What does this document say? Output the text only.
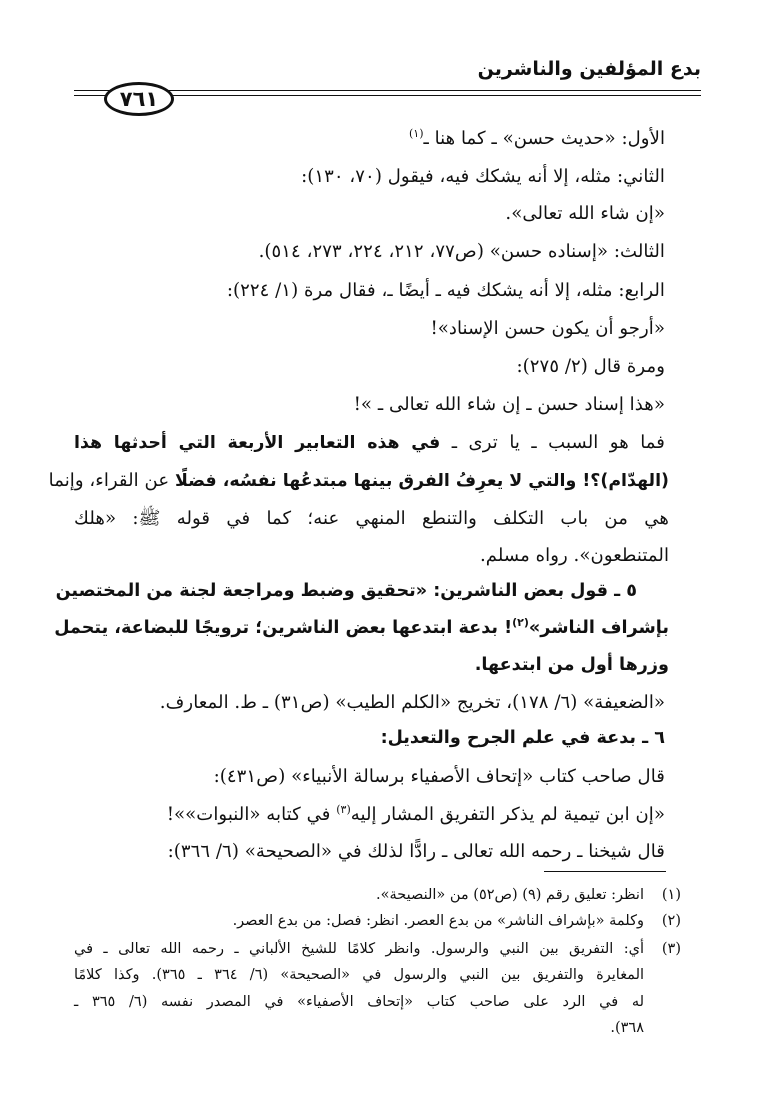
بدع المؤلفين والناشرين
٧٦١
الأول: «حديث حسن» ـ كما هنا ـ$^{(١)}$
الثاني: مثله، إلا أنه يشكك فيه، فيقول (٧٠، ١٣٠):
«إن شاء الله تعالى».
الثالث: «إسناده حسن» (ص٧٧، ٢١٢، ٢٢٤، ٢٧٣، ٥١٤).
الرابع: مثله، إلا أنه يشكك فيه ـ أيضًا ـ، فقال مرة (١/ ٢٢٤):
«أرجو أن يكون حسن الإسناد»!
ومرة قال (٢/ ٢٧٥):
«هذا إسناد حسن ـ إن شاء الله تعالى ـ »!
فما هو السبب ـ يا ترى ـ في هذه التعابير الأربعة التي أحدثها هذا
(الهدّام)؟! والتي لا يعرِفُ الفرق بينها مبتدعُها نفسُه، فضلًا عن القراء، وإنما
هي من باب التكلف والتنطع المنهي عنه؛ كما في قوله ﷺ: «هلك
المتنطعون». رواه مسلم.
٥ ـ قول بعض الناشرين: «تحقيق وضبط ومراجعة لجنة من المختصين
بإشراف الناشر»$^{(٢)}$! بدعة ابتدعها بعض الناشرين؛ ترويجًا للبضاعة، يتحمل
وزرها أول من ابتدعها.
«الضعيفة» (٦/ ١٧٨)، تخريج «الكلم الطيب» (ص٣١) ـ ط. المعارف.
٦ ـ بدعة في علم الجرح والتعديل:
قال صاحب كتاب «إتحاف الأصفياء برسالة الأنبياء» (ص٤٣١):
«إن ابن تيمية لم يذكر التفريق المشار إليه$^{(٣)}$ في كتابه «النبوات»»!
قال شيخنا ـ رحمه الله تعالى ـ رادًّا لذلك في «الصحيحة» (٦/ ٣٦٦):
(١)
انظر: تعليق رقم (٩) (ص٥٢) من «النصيحة».
(٢)
وكلمة «بإشراف الناشر» من بدع العصر. انظر: فصل: من بدع العصر.
(٣)
أي: التفريق بين النبي والرسول. وانظر كلامًا للشيخ الألباني ـ رحمه الله تعالى ـ في
المغايرة والتفريق بين النبي والرسول في «الصحيحة» (٦/ ٣٦٤ ـ ٣٦٥). وكذا كلامًا
له في الرد على صاحب كتاب «إتحاف الأصفياء» في المصدر نفسه (٦/ ٣٦٥ ـ
٣٦٨).
